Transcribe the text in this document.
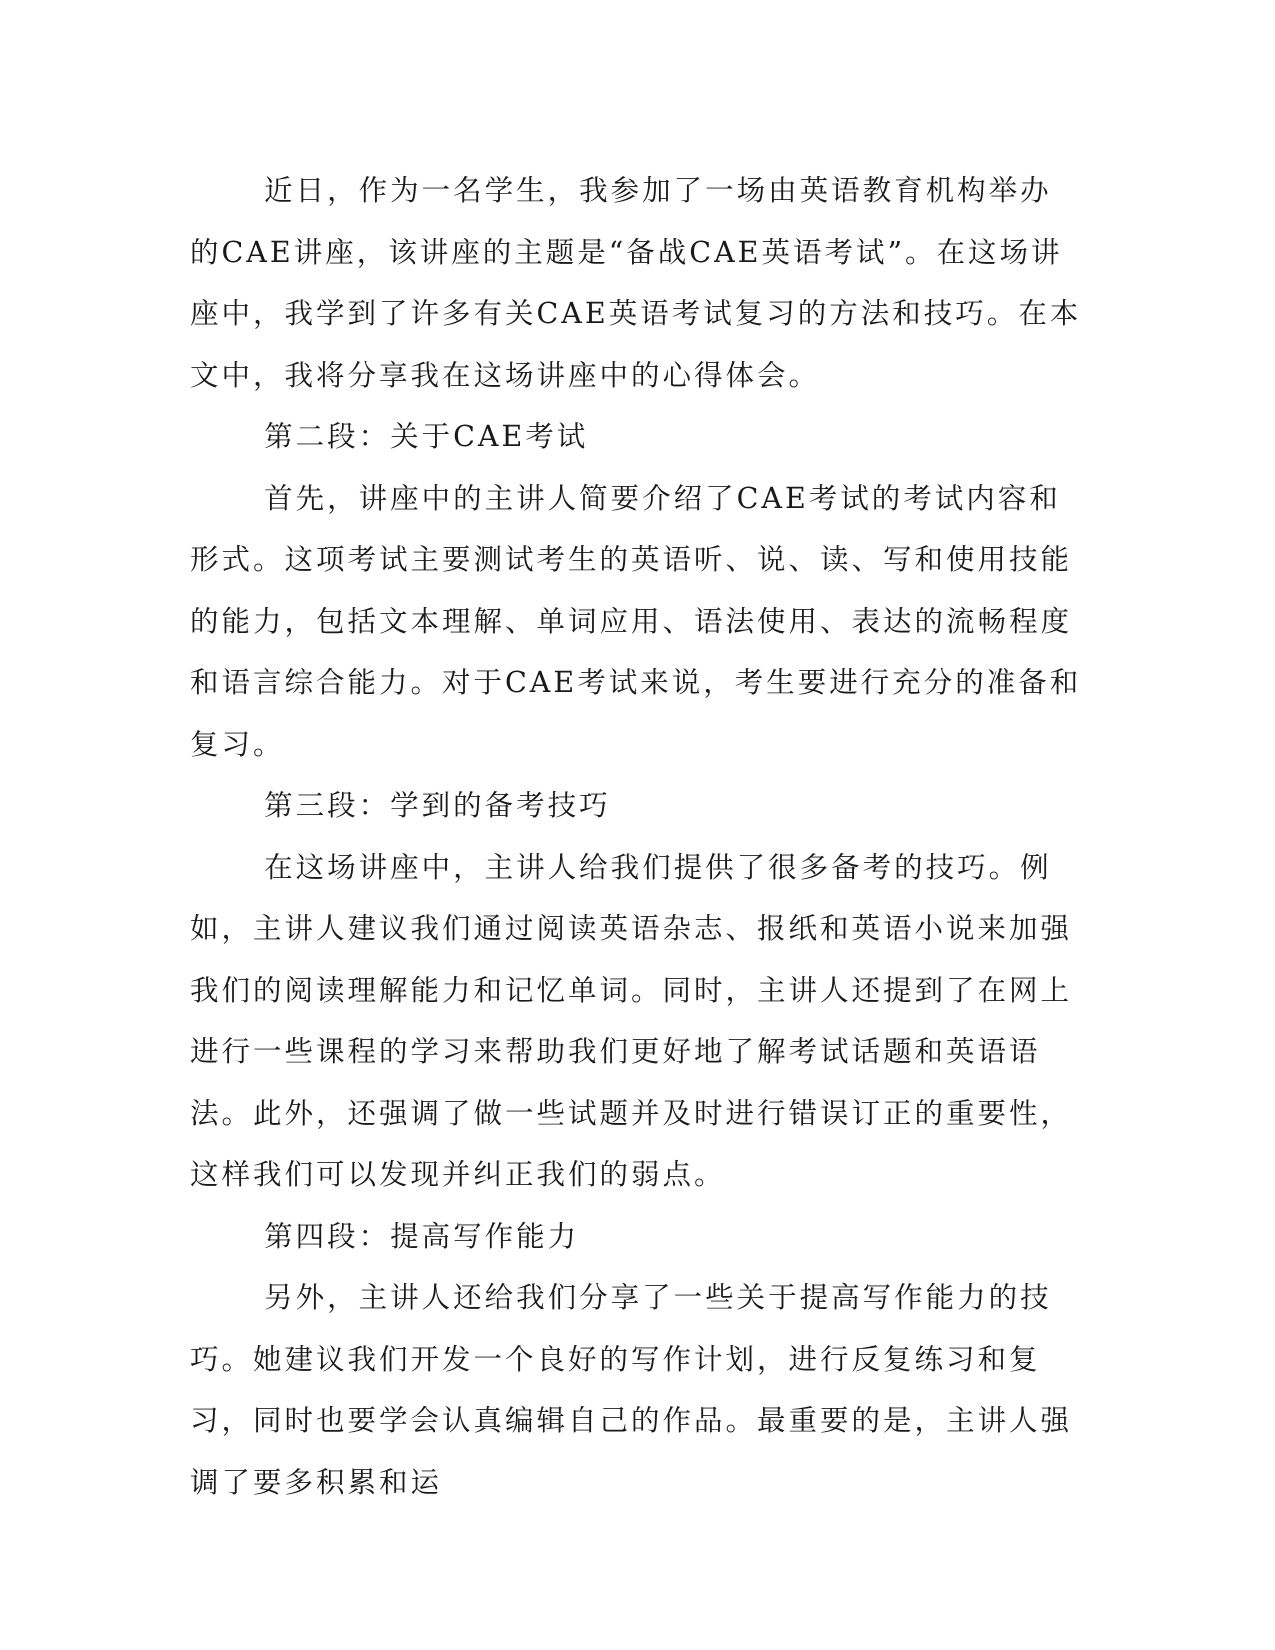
近日，作为一名学生，我参加了一场由英语教育机构举办的CAE讲座，该讲座的主题是“备战CAE英语考试”。在这场讲座中，我学到了许多有关CAE英语考试复习的方法和技巧。在本文中，我将分享我在这场讲座中的心得体会。

第二段：关于CAE考试

首先，讲座中的主讲人简要介绍了CAE考试的考试内容和形式。这项考试主要测试考生的英语听、说、读、写和使用技能的能力，包括文本理解、单词应用、语法使用、表达的流畅程度和语言综合能力。对于CAE考试来说，考生要进行充分的准备和复习。

第三段：学到的备考技巧

在这场讲座中，主讲人给我们提供了很多备考的技巧。例如，主讲人建议我们通过阅读英语杂志、报纸和英语小说来加强我们的阅读理解能力和记忆单词。同时，主讲人还提到了在网上进行一些课程的学习来帮助我们更好地了解考试话题和英语语法。此外，还强调了做一些试题并及时进行错误订正的重要性，这样我们可以发现并纠正我们的弱点。

第四段：提高写作能力

另外，主讲人还给我们分享了一些关于提高写作能力的技巧。她建议我们开发一个良好的写作计划，进行反复练习和复习，同时也要学会认真编辑自己的作品。最重要的是，主讲人强调了要多积累和运
